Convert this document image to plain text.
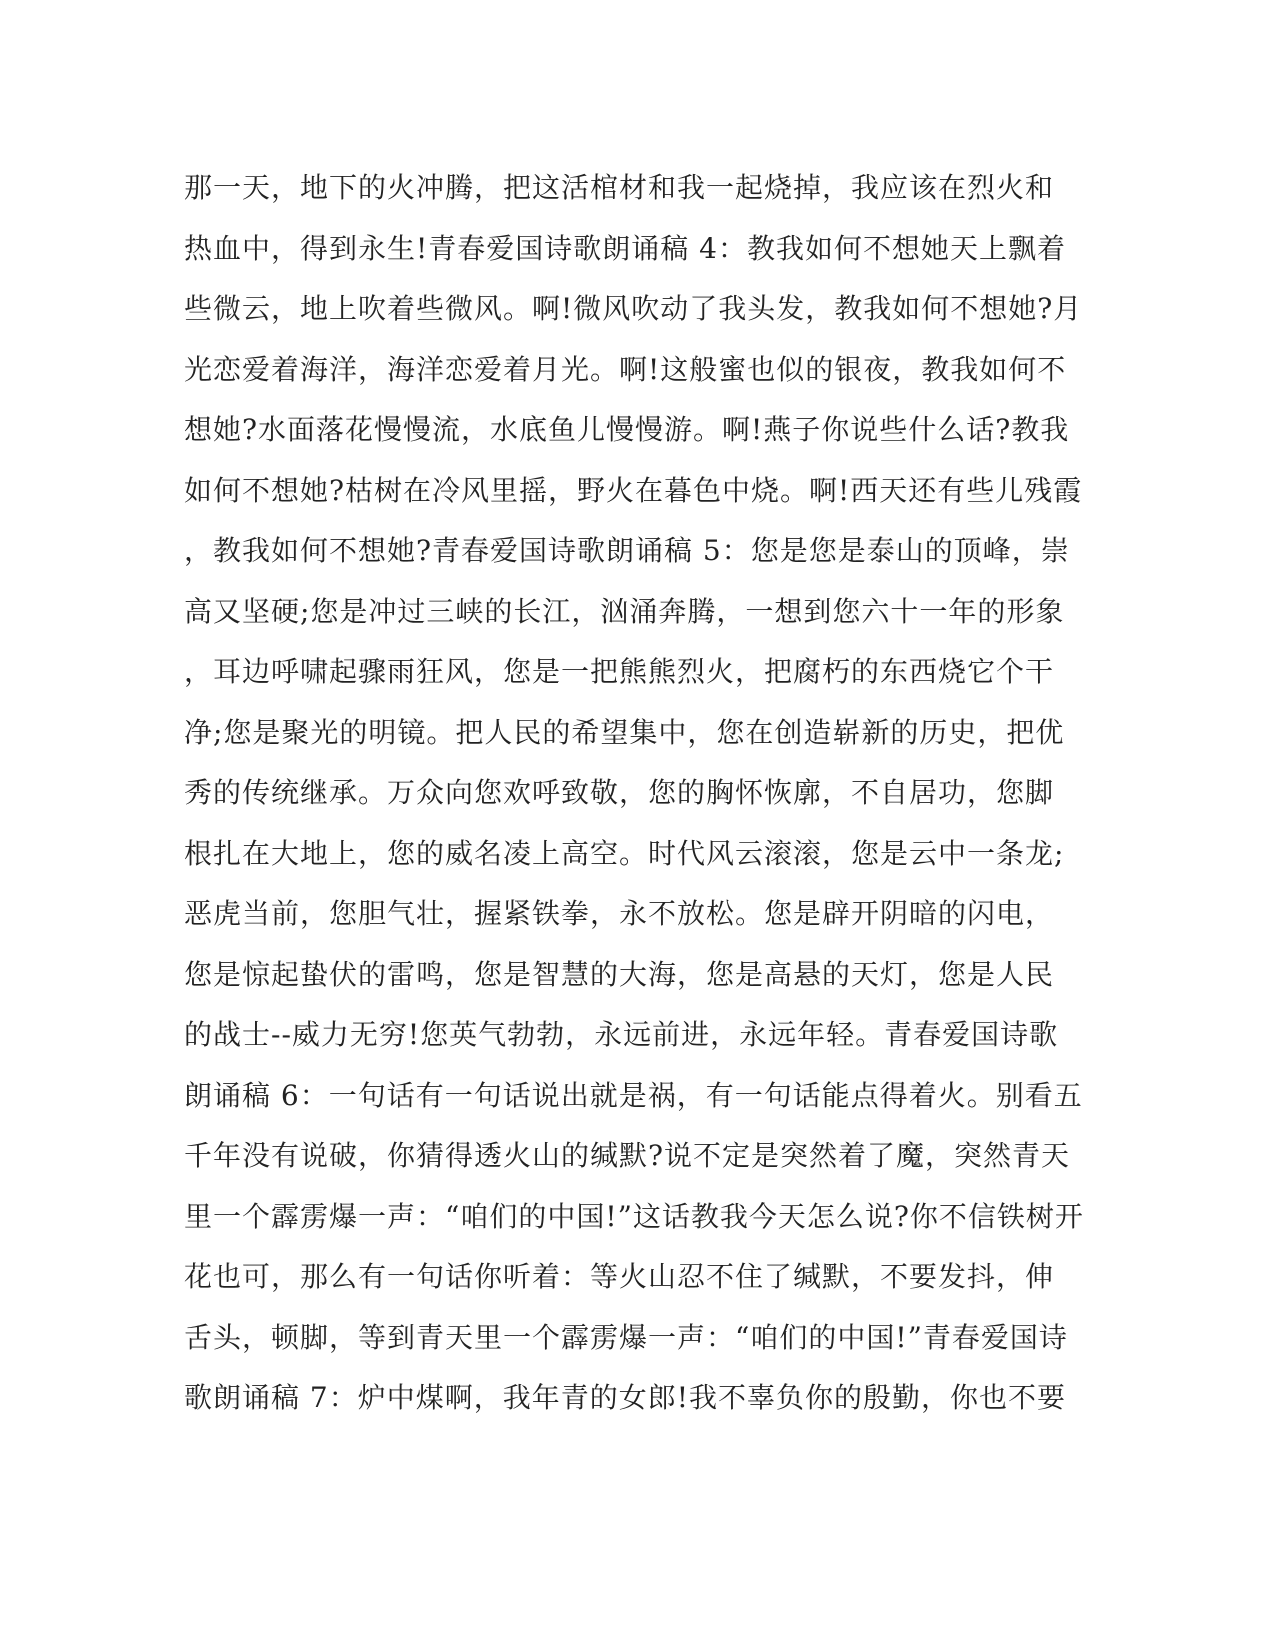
那一天，地下的火冲腾，把这活棺材和我一起烧掉，我应该在烈火和
热血中，得到永生!青春爱国诗歌朗诵稿 4：教我如何不想她天上飘着
些微云，地上吹着些微风。啊!微风吹动了我头发，教我如何不想她?月
光恋爱着海洋，海洋恋爱着月光。啊!这般蜜也似的银夜，教我如何不
想她?水面落花慢慢流，水底鱼儿慢慢游。啊!燕子你说些什么话?教我
如何不想她?枯树在冷风里摇，野火在暮色中烧。啊!西天还有些儿残霞
，教我如何不想她?青春爱国诗歌朗诵稿 5：您是您是泰山的顶峰，崇
高又坚硬;您是冲过三峡的长江，汹涌奔腾，一想到您六十一年的形象
，耳边呼啸起骤雨狂风，您是一把熊熊烈火，把腐朽的东西烧它个干
净;您是聚光的明镜。把人民的希望集中，您在创造崭新的历史，把优
秀的传统继承。万众向您欢呼致敬，您的胸怀恢廓，不自居功，您脚
根扎在大地上，您的威名凌上高空。时代风云滚滚，您是云中一条龙;
恶虎当前，您胆气壮，握紧铁拳，永不放松。您是辟开阴暗的闪电，
您是惊起蛰伏的雷鸣，您是智慧的大海，您是高悬的天灯，您是人民
的战士--威力无穷!您英气勃勃，永远前进，永远年轻。青春爱国诗歌
朗诵稿 6：一句话有一句话说出就是祸，有一句话能点得着火。别看五
千年没有说破，你猜得透火山的缄默?说不定是突然着了魔，突然青天
里一个霹雳爆一声：“咱们的中国!”这话教我今天怎么说?你不信铁树开
花也可，那么有一句话你听着：等火山忍不住了缄默，不要发抖，伸
舌头，顿脚，等到青天里一个霹雳爆一声：“咱们的中国!”青春爱国诗
歌朗诵稿 7：炉中煤啊，我年青的女郎!我不辜负你的殷勤，你也不要
